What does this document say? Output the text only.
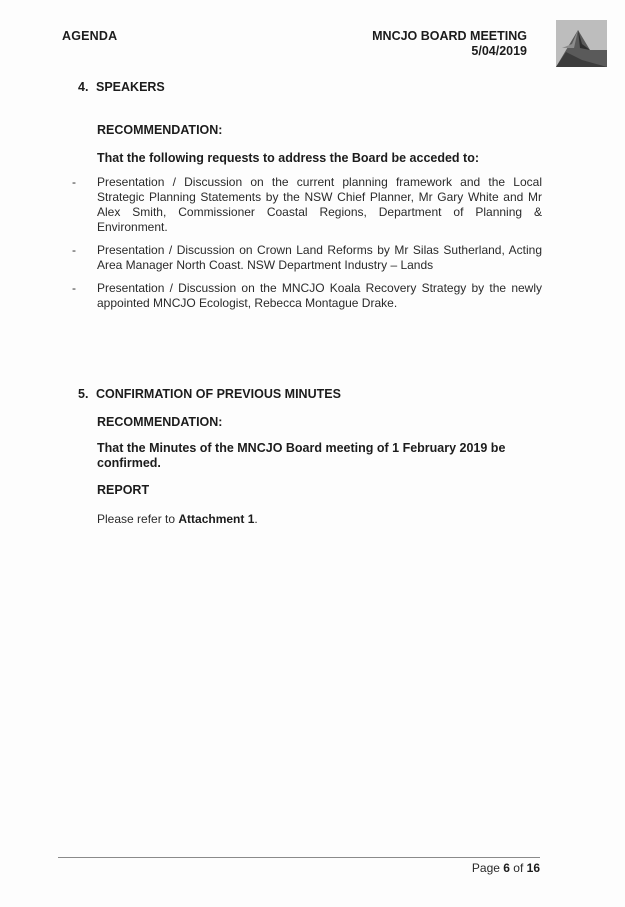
AGENDA	MNCJO BOARD MEETING
5/04/2019
4. SPEAKERS
RECOMMENDATION:
That the following requests to address the Board be acceded to:
- Presentation / Discussion on the current planning framework and the Local Strategic Planning Statements by the NSW Chief Planner, Mr Gary White and Mr Alex Smith, Commissioner Coastal Regions, Department of Planning & Environment.
- Presentation / Discussion on Crown Land Reforms by Mr Silas Sutherland, Acting Area Manager North Coast. NSW Department Industry – Lands
- Presentation / Discussion on the MNCJO Koala Recovery Strategy by the newly appointed MNCJO Ecologist, Rebecca Montague Drake.
5. CONFIRMATION OF PREVIOUS MINUTES
RECOMMENDATION:
That the Minutes of the MNCJO Board meeting of 1 February 2019 be confirmed.
REPORT
Please refer to Attachment 1.
Page 6 of 16
